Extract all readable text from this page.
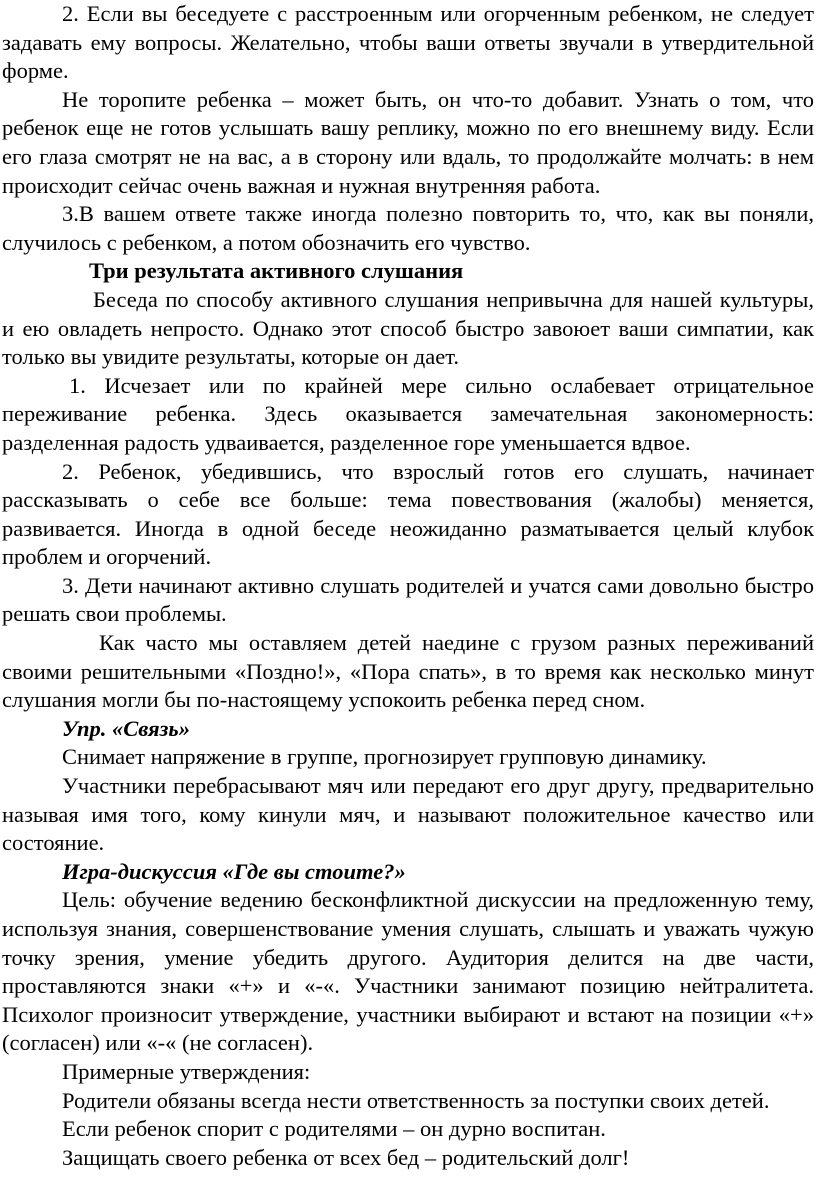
2. Если вы беседуете с расстроенным или огорченным ребенком, не следует задавать ему вопросы. Желательно, чтобы ваши ответы звучали в утвердительной форме.

Не торопите ребенка – может быть, он что-то добавит. Узнать о том, что ребенок еще не готов услышать вашу реплику, можно по его внешнему виду. Если его глаза смотрят не на вас, а в сторону или вдаль, то продолжайте молчать: в нем происходит сейчас очень важная и нужная внутренняя работа.

3.В вашем ответе также иногда полезно повторить то, что, как вы поняли, случилось с ребенком, а потом обозначить его чувство.

Три результата активного слушания

Беседа по способу активного слушания непривычна для нашей культуры, и ею овладеть непросто. Однако этот способ быстро завоюет ваши симпатии, как только вы увидите результаты, которые он дает.

1. Исчезает или по крайней мере сильно ослабевает отрицательное переживание ребенка. Здесь оказывается замечательная закономерность: разделенная радость удваивается, разделенное горе уменьшается вдвое.

2. Ребенок, убедившись, что взрослый готов его слушать, начинает рассказывать о себе все больше: тема повествования (жалобы) меняется, развивается. Иногда в одной беседе неожиданно разматывается целый клубок проблем и огорчений.

3. Дети начинают активно слушать родителей и учатся сами довольно быстро решать свои проблемы.

Как часто мы оставляем детей наедине с грузом разных переживаний своими решительными «Поздно!», «Пора спать», в то время как несколько минут слушания могли бы по-настоящему успокоить ребенка перед сном.

Упр. «Связь»

Снимает напряжение в группе, прогнозирует групповую динамику.

Участники перебрасывают мяч или передают его друг другу, предварительно называя имя того, кому кинули мяч, и называют положительное качество или состояние.

Игра-дискуссия «Где вы стоите?»

Цель: обучение ведению бесконфликтной дискуссии на предложенную тему, используя знания, совершенствование умения слушать, слышать и уважать чужую точку зрения, умение убедить другого. Аудитория делится на две части, проставляются знаки «+» и «-«. Участники занимают позицию нейтралитета. Психолог произносит утверждение, участники выбирают и встают на позиции «+» (согласен) или «-« (не согласен).

Примерные утверждения:

Родители обязаны всегда нести ответственность за поступки своих детей.

Если ребенок спорит с родителями – он дурно воспитан.

Защищать своего ребенка от всех бед – родительский долг!
